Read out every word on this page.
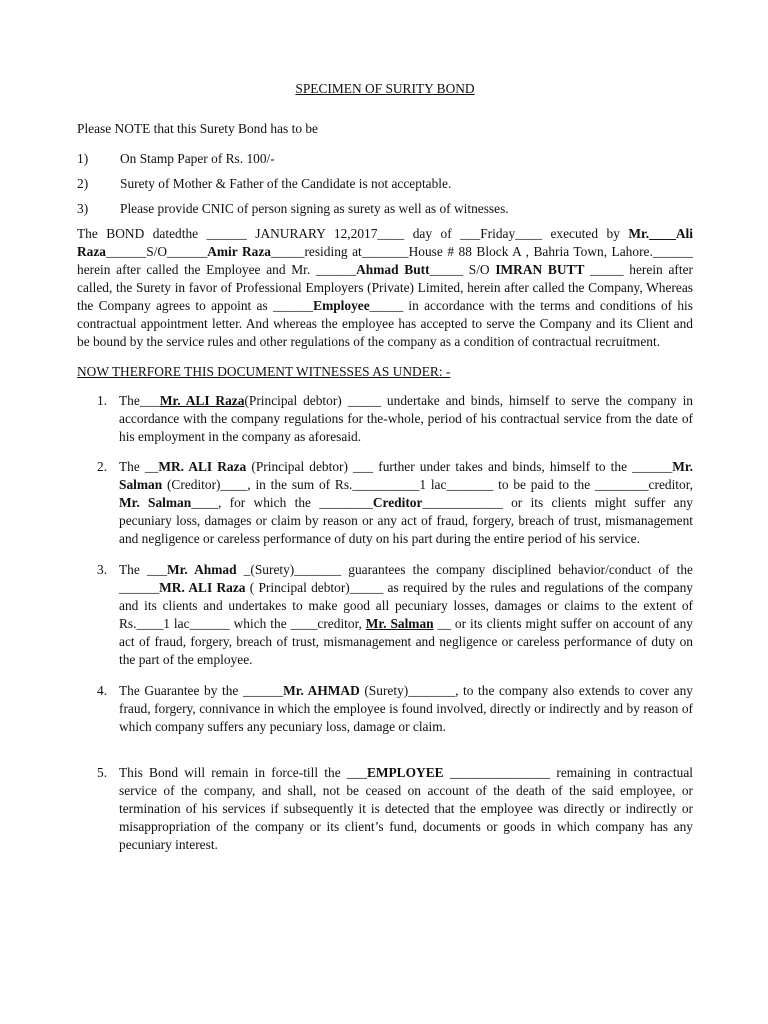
SPECIMEN OF SURITY BOND

Please NOTE that this Surety Bond has to be

1)	On Stamp Paper of Rs. 100/-
2)	Surety of Mother & Father of the Candidate is not acceptable.
3)	Please provide CNIC of person signing as surety as well as of witnesses.

The BOND datedthe ______ JANURARY 12,2017____ day of ___Friday____ executed by Mr.____Ali Raza______S/O______Amir Raza_____residing at_______House # 88 Block A , Bahria Town, Lahore.______ herein after called the Employee and Mr. ______Ahmad Butt_____ S/O IMRAN BUTT _____ herein after called, the Surety in favor of Professional Employers (Private) Limited, herein after called the Company, Whereas the Company agrees to appoint as ______Employee_____ in accordance with the terms and conditions of his contractual appointment letter. And whereas the employee has accepted to serve the Company and its Client and be bound by the service rules and other regulations of the company as a condition of contractual recruitment.

NOW THERFORE THIS DOCUMENT WITNESSES AS UNDER: -

1. The___Mr. ALI Raza(Principal debtor) _____ undertake and binds, himself to serve the company in accordance with the company regulations for the-whole, period of his contractual service from the date of his employment in the company as aforesaid.
2. The __MR. ALI Raza (Principal debtor) ___ further under takes and binds, himself to the ______Mr. Salman (Creditor)____, in the sum of Rs.__________1 lac_______ to be paid to the ________creditor, Mr. Salman____, for which the ________Creditor____________ or its clients might suffer any pecuniary loss, damages or claim by reason or any act of fraud, forgery, breach of trust, mismanagement and negligence or careless performance of duty on his part during the entire period of his service.
3. The ___Mr. Ahmad _(Surety)_______ guarantees the company disciplined behavior/conduct of the ______MR. ALI Raza ( Principal debtor)_____ as required by the rules and regulations of the company and its clients and undertakes to make good all pecuniary losses, damages or claims to the extent of Rs.____1 lac______ which the ____creditor, Mr. Salman __ or its clients might suffer on account of any act of fraud, forgery, breach of trust, mismanagement and negligence or careless performance of duty on the part of the employee.
4. The Guarantee by the ______Mr. AHMAD (Surety)_______, to the company also extends to cover any fraud, forgery, connivance in which the employee is found involved, directly or indirectly and by reason of which company suffers any pecuniary loss, damage or claim.
5. This Bond will remain in force-till the ___EMPLOYEE _______________ remaining in contractual service of the company, and shall, not be ceased on account of the death of the said employee, or termination of his services if subsequently it is detected that the employee was directly or indirectly or misappropriation of the company or its client’s fund, documents or goods in which company has any pecuniary interest.
